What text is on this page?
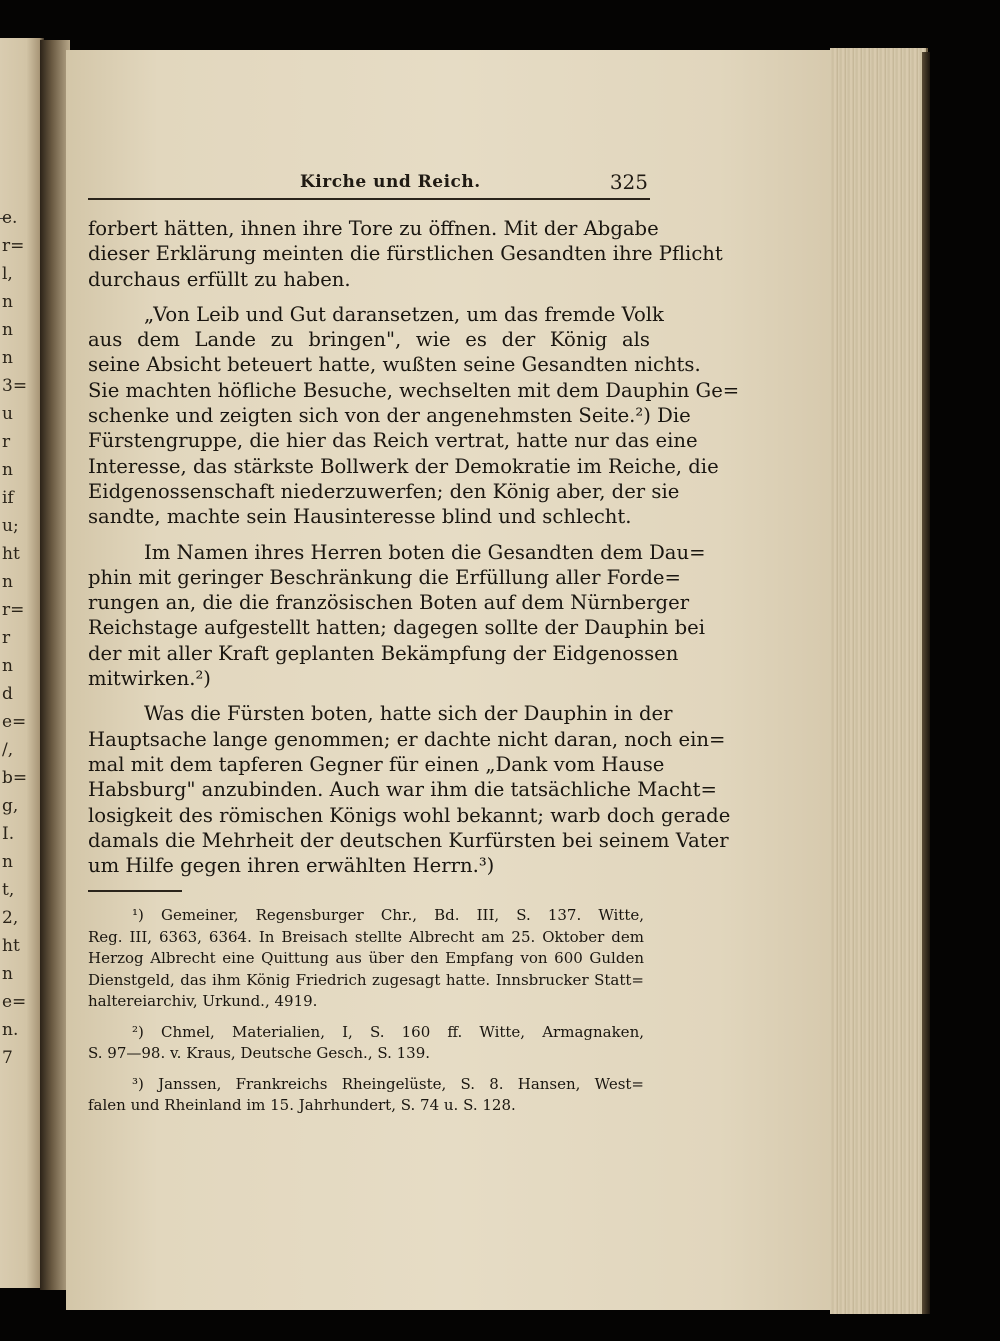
e.
r=
l,
n
n
n
3=
u
r
n
if
u;
ht
n
r=
r
n
d
e=
/,
b=
g,
I.
n
t,
2,
ht
n
e=
n.
7
Kirche und Reich.	325
forbert hätten, ihnen ihre Tore zu öffnen. Mit der Abgabe
dieser Erklärung meinten die fürstlichen Gesandten ihre Pflicht
durchaus erfüllt zu haben.
„Von Leib und Gut daransetzen, um das fremde Volk
aus dem Lande zu bringen", wie es der König als
seine Absicht beteuert hatte, wußten seine Gesandten nichts.
Sie machten höfliche Besuche, wechselten mit dem Dauphin Ge=
schenke und zeigten sich von der angenehmsten Seite.²) Die
Fürstengruppe, die hier das Reich vertrat, hatte nur das eine
Interesse, das stärkste Bollwerk der Demokratie im Reiche, die
Eidgenossenschaft niederzuwerfen; den König aber, der sie
sandte, machte sein Hausinteresse blind und schlecht.
Im Namen ihres Herren boten die Gesandten dem Dau=
phin mit geringer Beschränkung die Erfüllung aller Forde=
rungen an, die die französischen Boten auf dem Nürnberger
Reichstage aufgestellt hatten; dagegen sollte der Dauphin bei
der mit aller Kraft geplanten Bekämpfung der Eidgenossen
mitwirken.²)
Was die Fürsten boten, hatte sich der Dauphin in der
Hauptsache lange genommen; er dachte nicht daran, noch ein=
mal mit dem tapferen Gegner für einen „Dank vom Hause
Habsburg" anzubinden. Auch war ihm die tatsächliche Macht=
losigkeit des römischen Königs wohl bekannt; warb doch gerade
damals die Mehrheit der deutschen Kurfürsten bei seinem Vater
um Hilfe gegen ihren erwählten Herrn.³)
¹) Gemeiner, Regensburger Chr., Bd. III, S. 137. Witte,
Reg. III, 6363, 6364. In Breisach stellte Albrecht am 25. Oktober dem
Herzog Albrecht eine Quittung aus über den Empfang von 600 Gulden
Dienstgeld, das ihm König Friedrich zugesagt hatte. Innsbrucker Statt=
haltereiarchiv, Urkund., 4919.
²) Chmel, Materialien, I, S. 160 ff. Witte, Armagnaken,
S. 97—98. v. Kraus, Deutsche Gesch., S. 139.
³) Janssen, Frankreichs Rheingelüste, S. 8. Hansen, West=
falen und Rheinland im 15. Jahrhundert, S. 74 u. S. 128.
